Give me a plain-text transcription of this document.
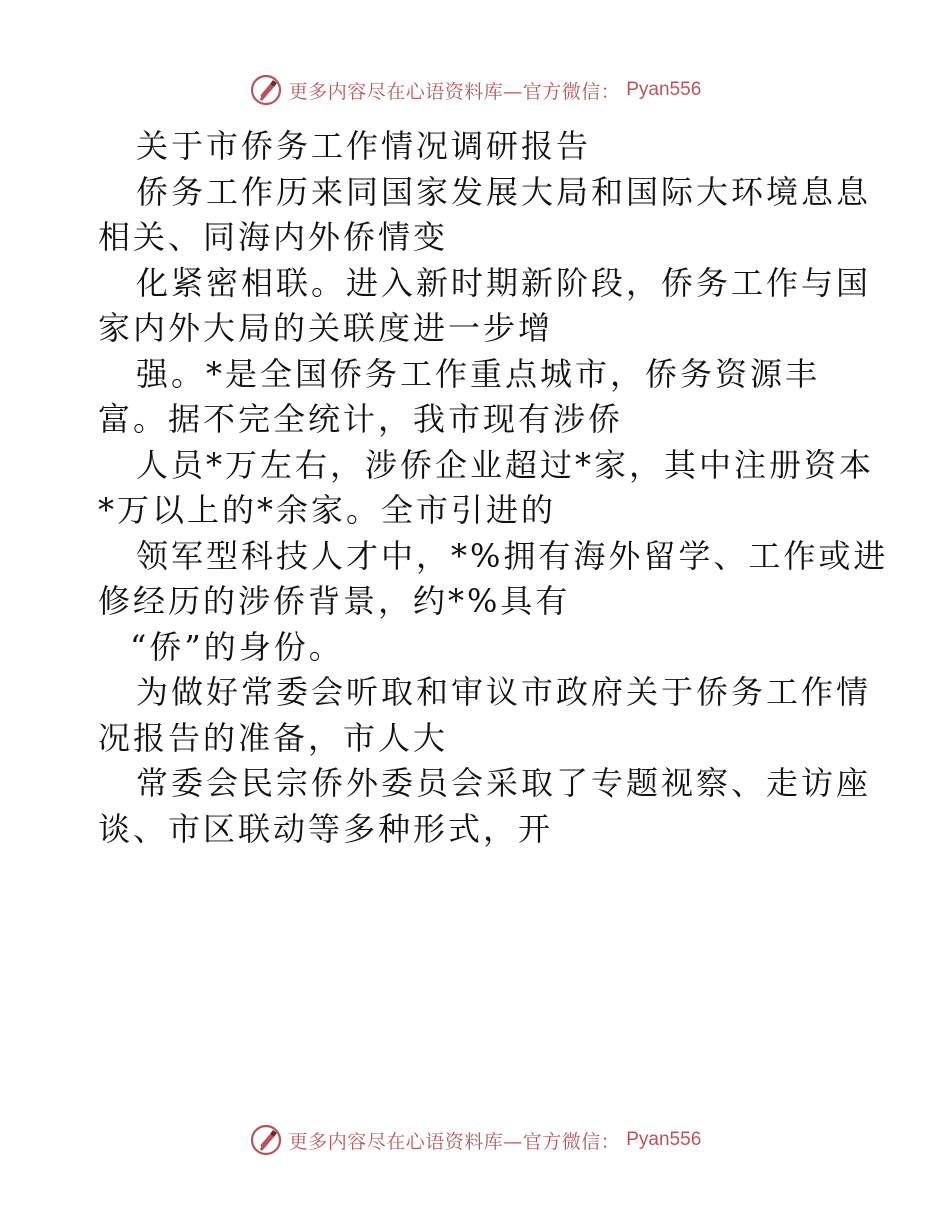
更多内容尽在心语资料库—官方微信： Pyan556
关于市侨务工作情况调研报告
侨务工作历来同国家发展大局和国际大环境息息
相关、同海内外侨情变
化紧密相联。进入新时期新阶段，侨务工作与国
家内外大局的关联度进一步增
强。*是全国侨务工作重点城市，侨务资源丰
富。据不完全统计，我市现有涉侨
人员*万左右，涉侨企业超过*家，其中注册资本
*万以上的*余家。全市引进的
领军型科技人才中，*%拥有海外留学、工作或进
修经历的涉侨背景，约*%具有
“侨”的身份。
为做好常委会听取和审议市政府关于侨务工作情
况报告的准备，市人大
常委会民宗侨外委员会采取了专题视察、走访座
谈、市区联动等多种形式，开
更多内容尽在心语资料库—官方微信： Pyan556
